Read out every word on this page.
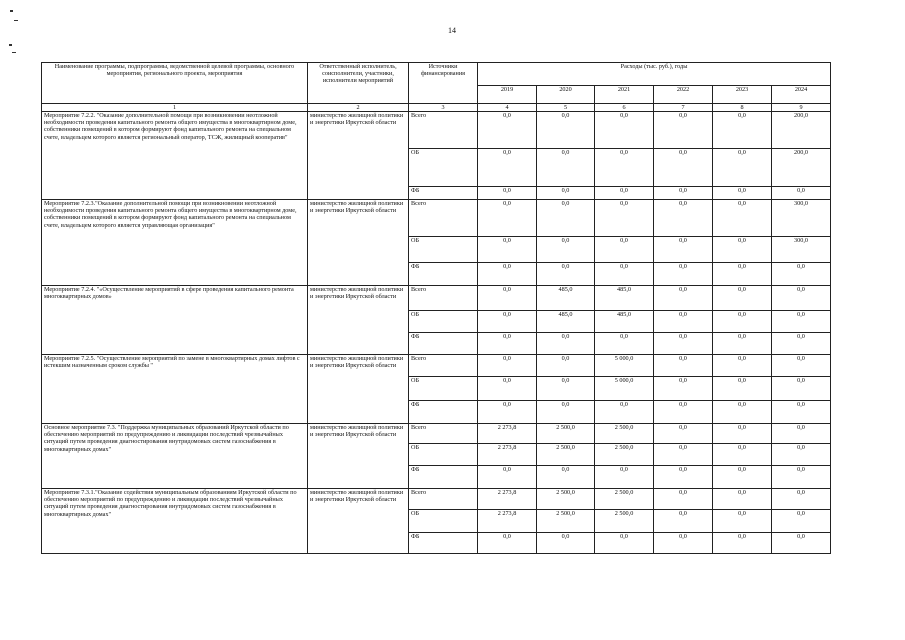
14
Наименование программы, подпрограммы, ведомственной целевой программы, основного мероприятия, регионального проекта, мероприятия	Ответственный исполнитель, соисполнители, участники, исполнители мероприятий	Источники финансирования	Расходы (тыс. руб.), годы					
			2019	2020	2021	2022	2023	2024
1	2	3	4	5	6	7	8	9
Мероприятие 7.2.2. "Оказание дополнительной помощи при возникновении неотложной необходимости проведения капитального ремонта общего имущества в многоквартирном доме, собственники помещений в котором формируют фонд капитального ремонта на специальном счете, владельцем которого является региональный оператор, ТСЖ, жилищный кооператив"	министерство жилищной политики и энергетики Иркутской области	Всего	0,0	0,0	0,0	0,0	0,0	200,0
		ОБ	0,0	0,0	0,0	0,0	0,0	200,0
		ФБ	0,0	0,0	0,0	0,0	0,0	0,0
Мероприятие 7.2.3."Оказание дополнительной помощи при возникновении неотложной необходимости проведения капитального ремонта общего имущества в многоквартирном доме, собственники помещений в котором формируют фонд капитального ремонта на специальном счете, владельцем которого является управляющая организация"	министерство жилищной политики и энергетики Иркутской области	Всего	0,0	0,0	0,0	0,0	0,0	300,0
		ОБ	0,0	0,0	0,0	0,0	0,0	300,0
		ФБ	0,0	0,0	0,0	0,0	0,0	0,0
Мероприятие 7.2.4. "«Осуществление мероприятий в сфере проведения капитального ремонта многоквартирных домов»	министерство жилищной политики и энергетики Иркутской области	Всего	0,0	485,0	485,0	0,0	0,0	0,0
		ОБ	0,0	485,0	485,0	0,0	0,0	0,0
		ФБ	0,0	0,0	0,0	0,0	0,0	0,0
Мероприятие 7.2.5. "Осуществление мероприятий по замене в многоквартирных домах лифтов с истекшим назначенным сроком службы "	министерство жилищной политики и энергетики Иркутской области	Всего	0,0	0,0	5 000,0	0,0	0,0	0,0
		ОБ	0,0	0,0	5 000,0	0,0	0,0	0,0
		ФБ	0,0	0,0	0,0	0,0	0,0	0,0
Основное мероприятие 7.3. "Поддержка муниципальных образований Иркутской области по обеспечению мероприятий по предупреждению и ликвидации последствий чрезвычайных ситуаций путем проведения диагностирования внутридомовых систем газоснабжения в многоквартирных домах"	министерство жилищной политики и энергетики Иркутской области	Всего	2 273,8	2 500,0	2 500,0	0,0	0,0	0,0
		ОБ	2 273,8	2 500,0	2 500,0	0,0	0,0	0,0
		ФБ	0,0	0,0	0,0	0,0	0,0	0,0
Мероприятие 7.3.1."Оказание содействия муниципальным образованиям Иркутской области по обеспечению мероприятий по предупреждению и ликвидации последствий чрезвычайных ситуаций путем проведения диагностирования внутридомовых систем газоснабжения в многоквартирных домах"	министерство жилищной политики и энергетики Иркутской области	Всего	2 273,8	2 500,0	2 500,0	0,0	0,0	0,0
		ОБ	2 273,8	2 500,0	2 500,0	0,0	0,0	0,0
		ФБ	0,0	0,0	0,0	0,0	0,0	0,0
